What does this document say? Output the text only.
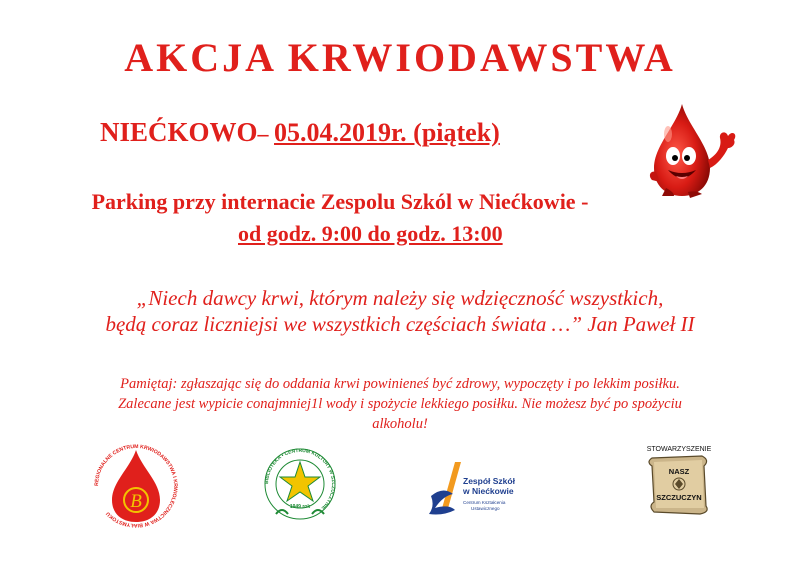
AKCJA KRWIODAWSTWA
NIEĆKOWO– 05.04.2019r. (piątek)
Parking przy internacie Zespolu Szkól w Niećkowie -
od godz. 9:00 do godz. 13:00
„Niech dawcy krwi, którym należy się wdzięczność wszystkich,
będą coraz liczniejsi we wszystkich częściach świata …” Jan Paweł II
Pamiętaj: zgłaszając się do oddania krwi powinieneś być zdrowy, wypoczęty i po lekkim posiłku.
Zalecane jest wypicie conajmniej1l wody i spożycie lekkiego posiłku. Nie możesz być po spożyciu
alkoholu!
REGIONALNE CENTRUM KRWIODAWSTWA I KRWIOLECZNICTWA W BIAŁYMSTOKU
B
BIBLIOTEKA • CENTRUM KULTURY W SZCZUCZYNIE
1949 rok
Zespół Szkół
w Niećkowie
Centrum Kształcenia
Ustawicznego
STOWARZYSZENIE
NASZ
SZCZUCZYN
